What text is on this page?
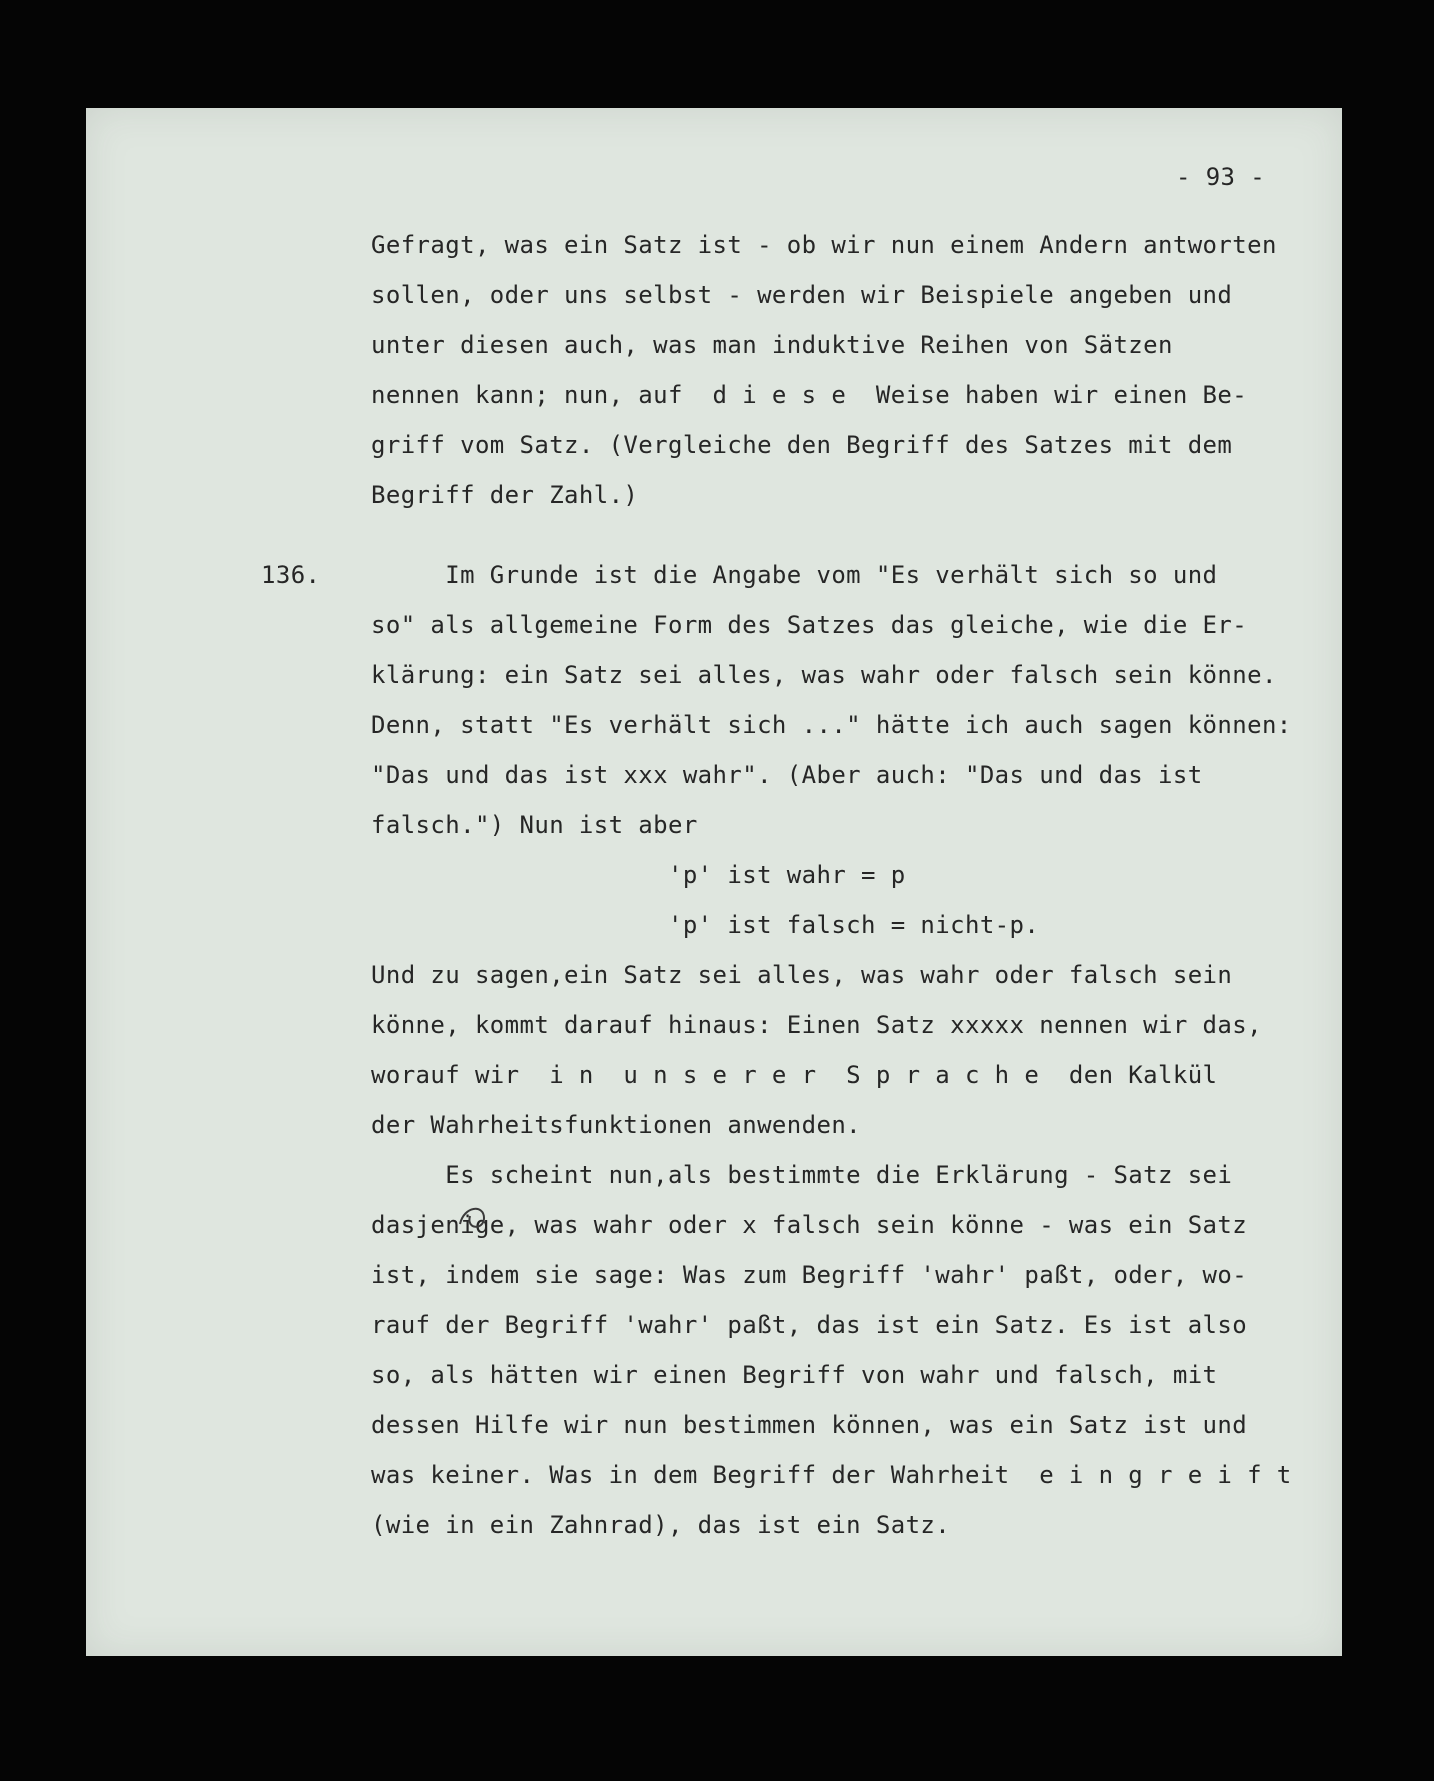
- 93 -
136.
Gefragt, was ein Satz ist - ob wir nun einem Andern antworten
sollen, oder uns selbst - werden wir Beispiele angeben und
unter diesen auch, was man induktive Reihen von Sätzen
nennen kann; nun, auf  d i e s e  Weise haben wir einen Be-
griff vom Satz. (Vergleiche den Begriff des Satzes mit dem
Begriff der Zahl.)
Im Grunde ist die Angabe vom "Es verhält sich so und
so" als allgemeine Form des Satzes das gleiche, wie die Er-
klärung: ein Satz sei alles, was wahr oder falsch sein könne.
Denn, statt "Es verhält sich ..." hätte ich auch sagen können:
"Das und das ist xxx wahr". (Aber auch: "Das und das ist
falsch.") Nun ist aber
'p' ist wahr = p
'p' ist falsch = nicht-p.
Und zu sagen,ein Satz sei alles, was wahr oder falsch sein
könne, kommt darauf hinaus: Einen Satz xxxxx nennen wir das,
worauf wir  i n  u n s e r e r  S p r a c h e  den Kalkül
der Wahrheitsfunktionen anwenden.
Es scheint nun,als bestimmte die Erklärung - Satz sei
dasjenige, was wahr oder x falsch sein könne - was ein Satz
ist, indem sie sage: Was zum Begriff 'wahr' paßt, oder, wo-
rauf der Begriff 'wahr' paßt, das ist ein Satz. Es ist also
so, als hätten wir einen Begriff von wahr und falsch, mit
dessen Hilfe wir nun bestimmen können, was ein Satz ist und
was keiner. Was in dem Begriff der Wahrheit  e i n g r e i f t
(wie in ein Zahnrad), das ist ein Satz.
